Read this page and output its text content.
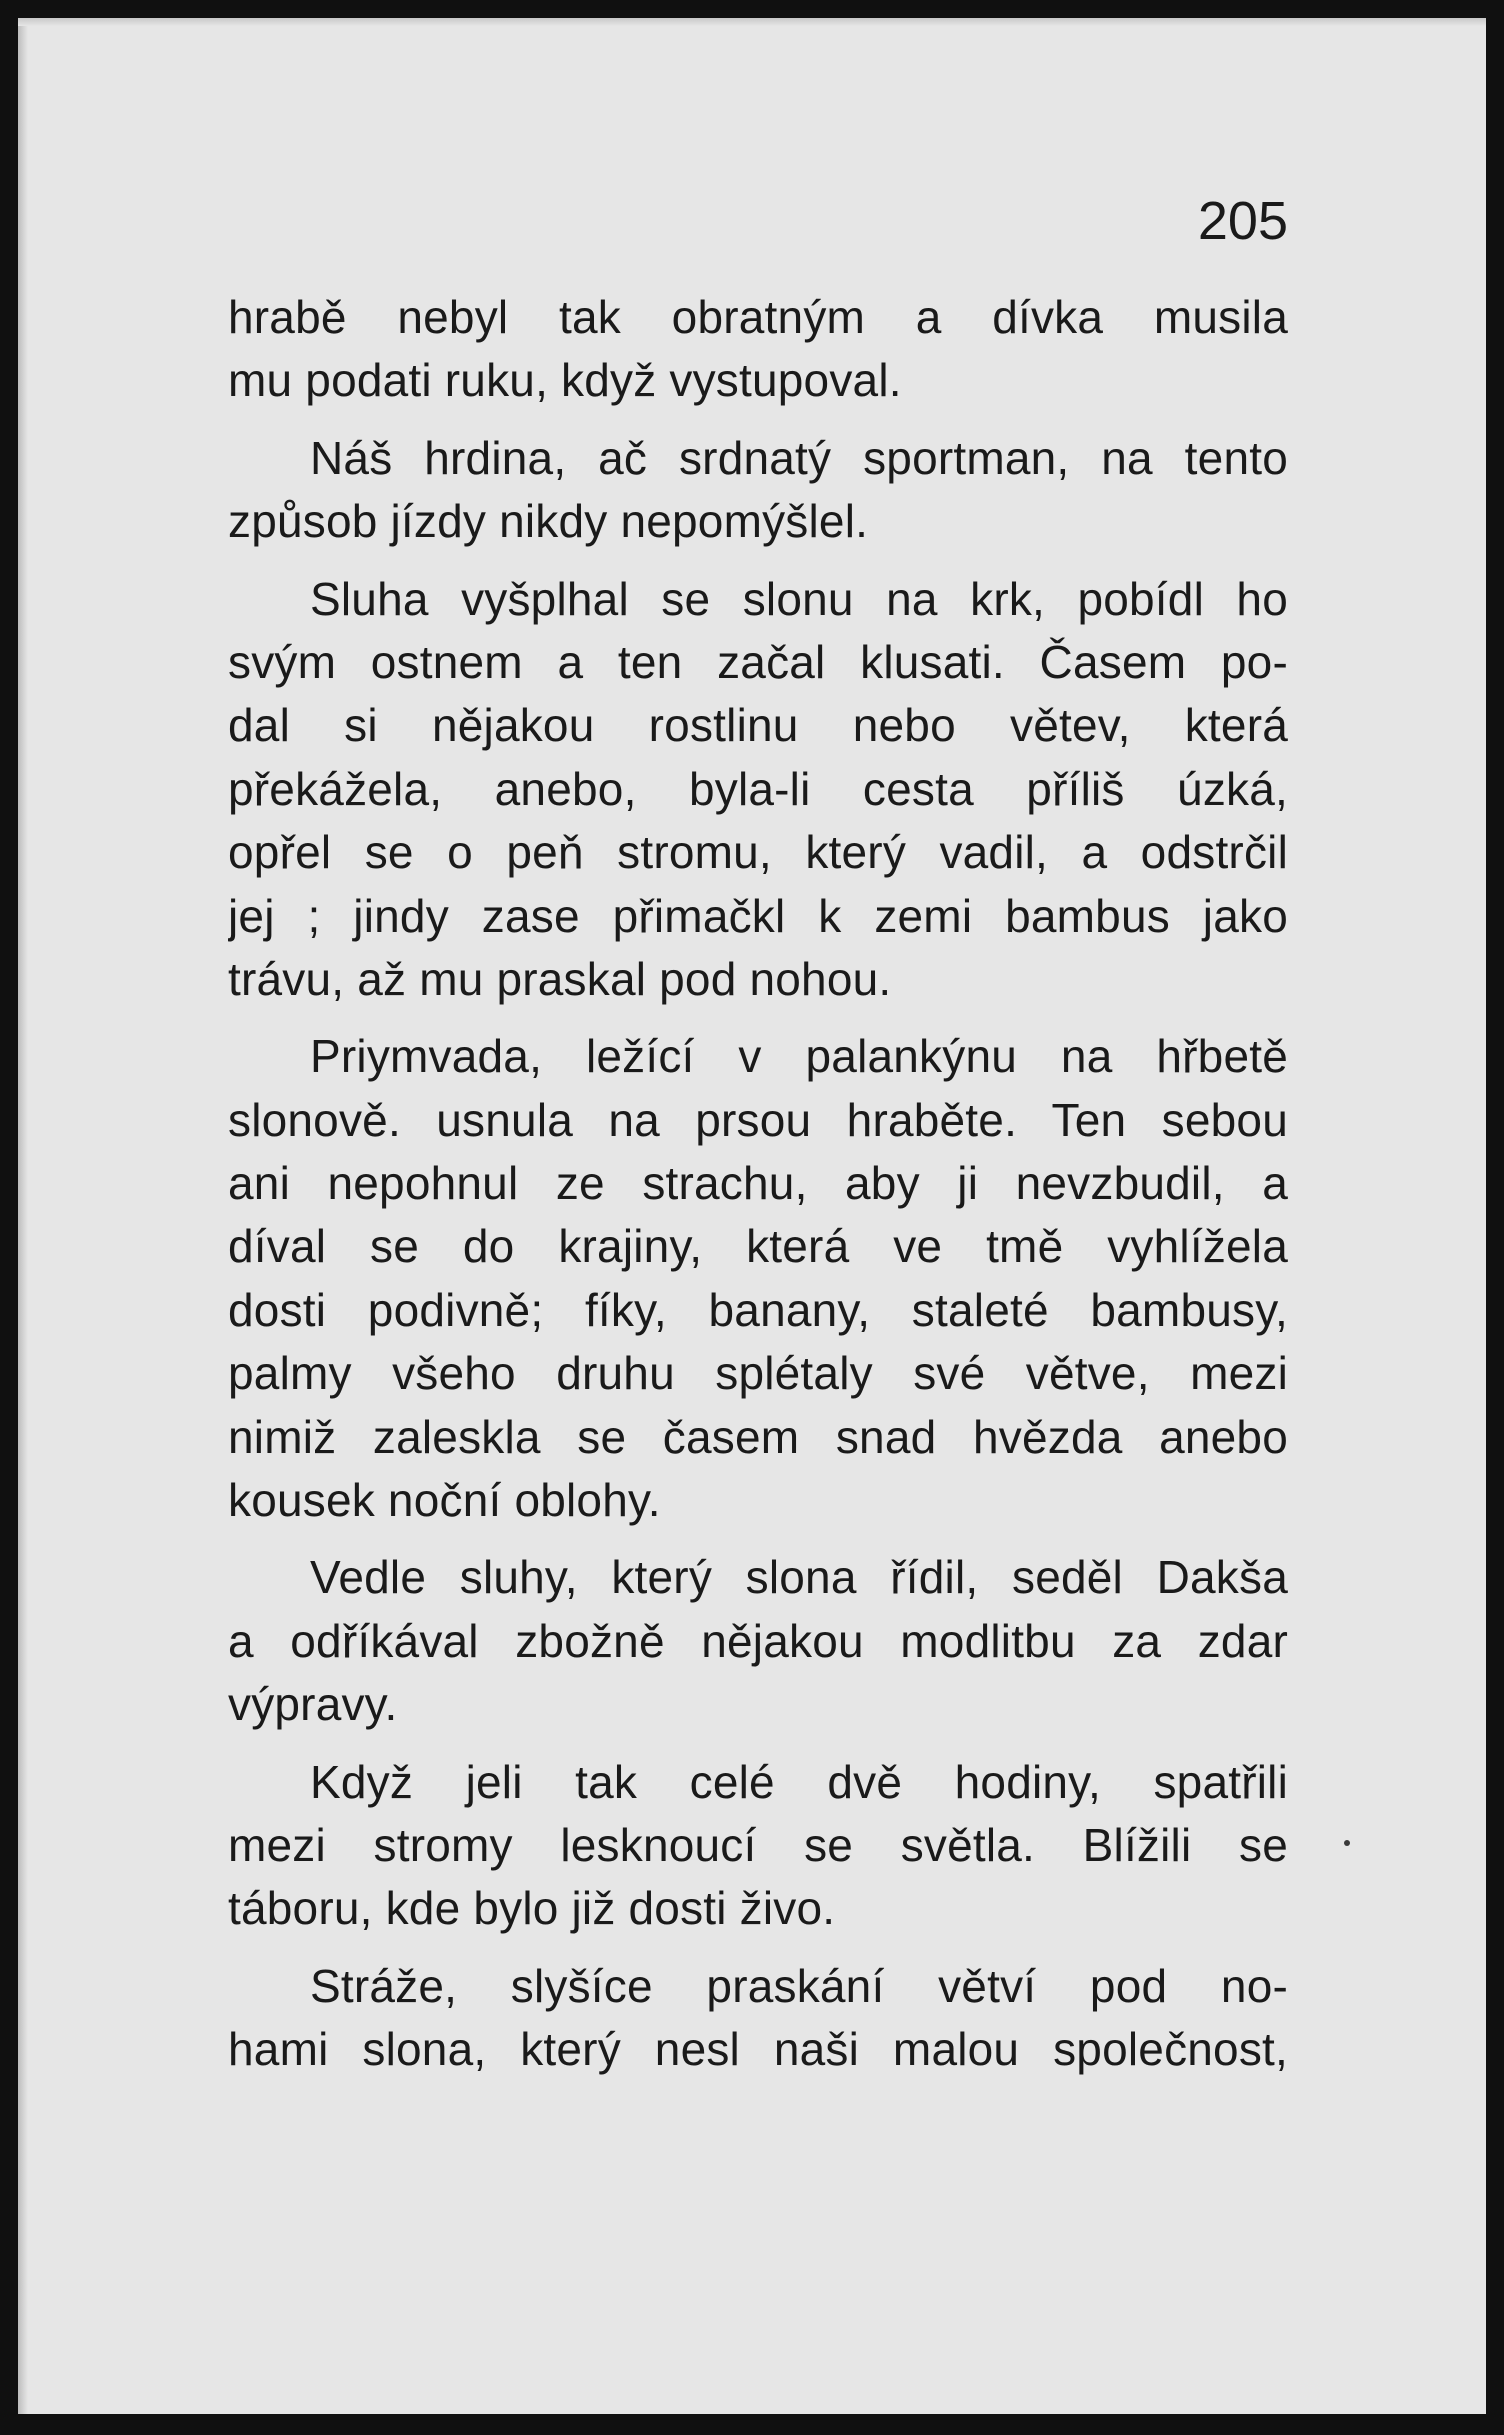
205
hrabě nebyl tak obratným a dívka musila
mu podati ruku, když vystupoval.
Náš hrdina, ač srdnatý sportman, na tento
způsob jízdy nikdy nepomýšlel.
Sluha vyšplhal se slonu na krk, pobídl ho
svým ostnem a ten začal klusati. Časem po-
dal si nějakou rostlinu nebo větev, která
překážela, anebo, byla-li cesta příliš úzká,
opřel se o peň stromu, který vadil, a odstrčil
jej ; jindy zase přimačkl k zemi bambus jako
trávu, až mu praskal pod nohou.
Priymvada, ležící v palankýnu na hřbetě
slonově. usnula na prsou hraběte. Ten sebou
ani nepohnul ze strachu, aby ji nevzbudil, a
díval se do krajiny, která ve tmě vyhlížela
dosti podivně; fíky, banany, staleté bambusy,
palmy všeho druhu splétaly své větve, mezi
nimiž zaleskla se časem snad hvězda anebo
kousek noční oblohy.
Vedle sluhy, který slona řídil, seděl Dakša
a odříkával zbožně nějakou modlitbu za zdar
výpravy.
Když jeli tak celé dvě hodiny, spatřili
mezi stromy lesknoucí se světla. Blížili se
táboru, kde bylo již dosti živo.
Stráže, slyšíce praskání větví pod no-
hami slona, který nesl naši malou společnost,
